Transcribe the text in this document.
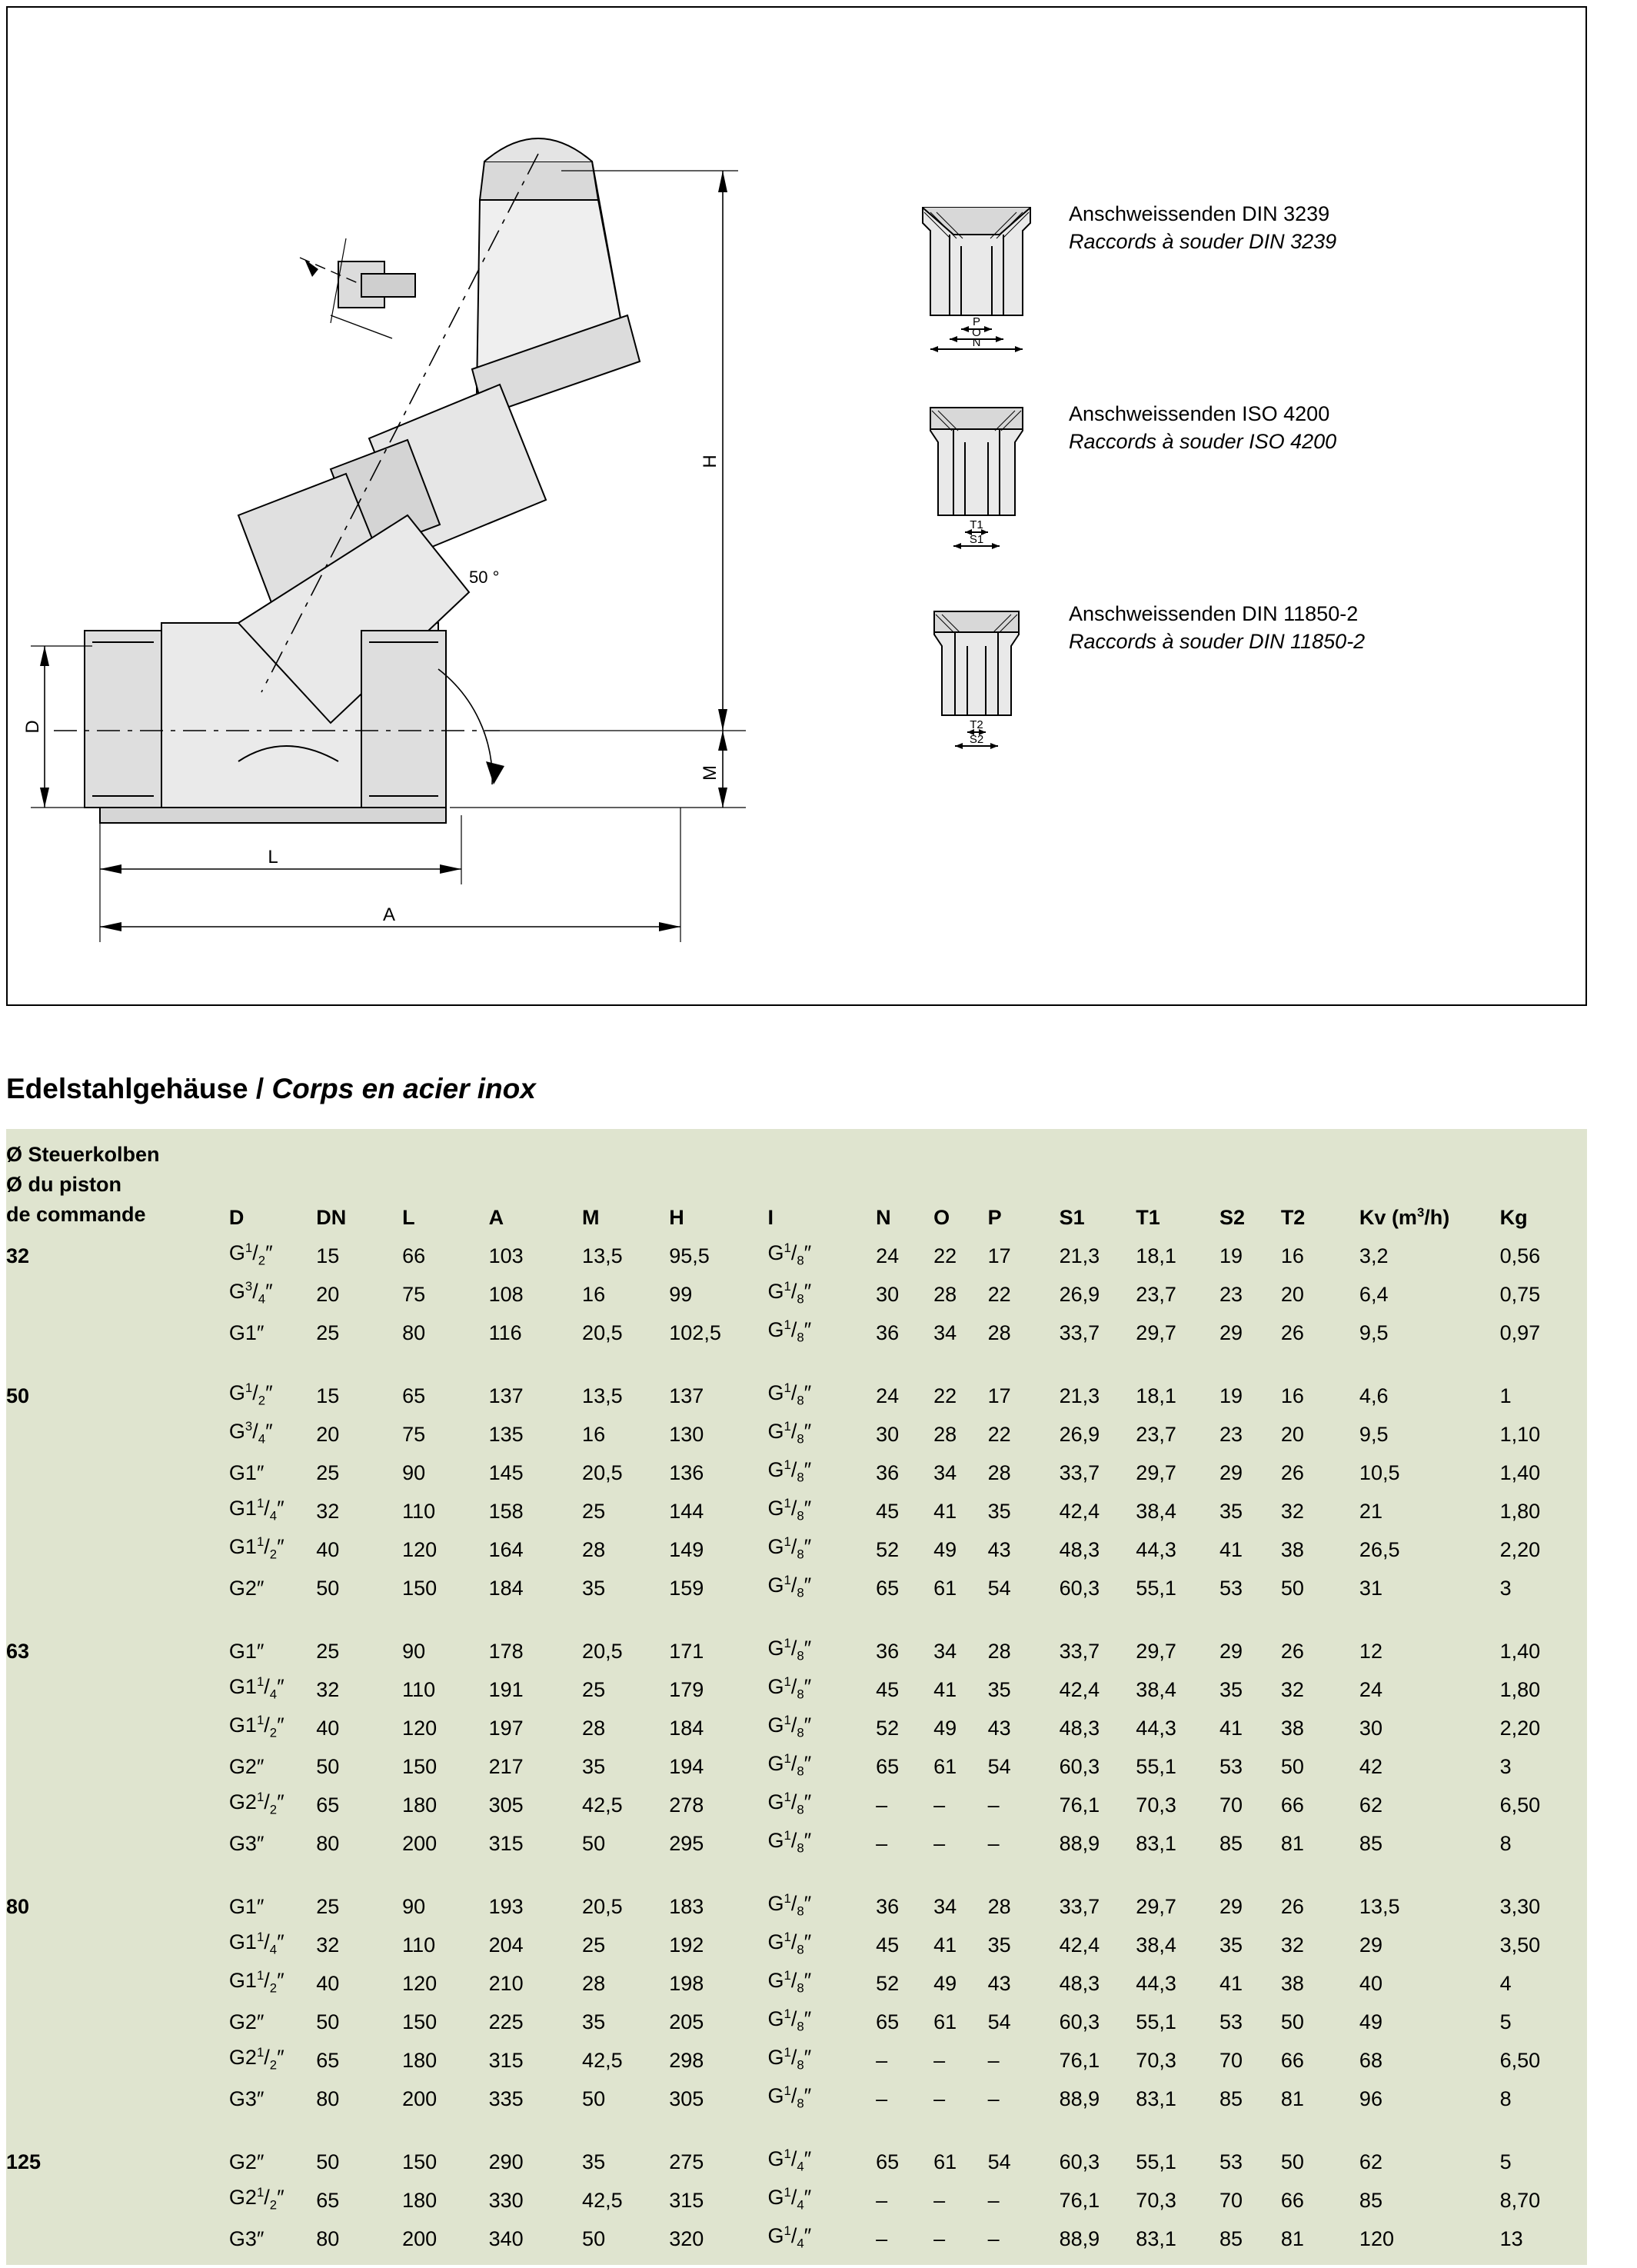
50 °
H
M
D
L
A
P
O
N
Anschweissenden DIN 3239
Raccords à souder DIN 3239
T1
S1
Anschweissenden ISO 4200
Raccords à souder ISO 4200
T2
S2
Anschweissenden DIN 11850-2
Raccords à souder DIN 11850-2
Edelstahlgehäuse / Corps en acier inox
Ø Steuerkolben
Ø du piston
de commande	D	DN	L	A	M	H	I	N	O	P	S1	T1	S2	T2	Kv $(m^3/h)$	Kg
32	$G^1/_2''$	15	66	103	13,5	95,5	$G^1/_8''$	24	22	17	21,3	18,1	19	16	3,2	0,56
	$G^3/_4''$	20	75	108	16	99	$G^1/_8''$	30	28	22	26,9	23,7	23	20	6,4	0,75
	G1″	25	80	116	20,5	102,5	$G^1/_8''$	36	34	28	33,7	29,7	29	26	9,5	0,97

50	$G^1/_2''$	15	65	137	13,5	137	$G^1/_8''$	24	22	17	21,3	18,1	19	16	4,6	1
	$G^3/_4''$	20	75	135	16	130	$G^1/_8''$	30	28	22	26,9	23,7	23	20	9,5	1,10
	G1″	25	90	145	20,5	136	$G^1/_8''$	36	34	28	33,7	29,7	29	26	10,5	1,40
	$G1^1/_4''$	32	110	158	25	144	$G^1/_8''$	45	41	35	42,4	38,4	35	32	21	1,80
	$G1^1/_2''$	40	120	164	28	149	$G^1/_8''$	52	49	43	48,3	44,3	41	38	26,5	2,20
	G2″	50	150	184	35	159	$G^1/_8''$	65	61	54	60,3	55,1	53	50	31	3

63	G1″	25	90	178	20,5	171	$G^1/_8''$	36	34	28	33,7	29,7	29	26	12	1,40
	$G1^1/_4''$	32	110	191	25	179	$G^1/_8''$	45	41	35	42,4	38,4	35	32	24	1,80
	$G1^1/_2''$	40	120	197	28	184	$G^1/_8''$	52	49	43	48,3	44,3	41	38	30	2,20
	G2″	50	150	217	35	194	$G^1/_8''$	65	61	54	60,3	55,1	53	50	42	3
	$G2^1/_2''$	65	180	305	42,5	278	$G^1/_8''$	–	–	–	76,1	70,3	70	66	62	6,50
	G3″	80	200	315	50	295	$G^1/_8''$	–	–	–	88,9	83,1	85	81	85	8

80	G1″	25	90	193	20,5	183	$G^1/_8''$	36	34	28	33,7	29,7	29	26	13,5	3,30
	$G1^1/_4''$	32	110	204	25	192	$G^1/_8''$	45	41	35	42,4	38,4	35	32	29	3,50
	$G1^1/_2''$	40	120	210	28	198	$G^1/_8''$	52	49	43	48,3	44,3	41	38	40	4
	G2″	50	150	225	35	205	$G^1/_8''$	65	61	54	60,3	55,1	53	50	49	5
	$G2^1/_2''$	65	180	315	42,5	298	$G^1/_8''$	–	–	–	76,1	70,3	70	66	68	6,50
	G3″	80	200	335	50	305	$G^1/_8''$	–	–	–	88,9	83,1	85	81	96	8

125	G2″	50	150	290	35	275	$G^1/_4''$	65	61	54	60,3	55,1	53	50	62	5
	$G2^1/_2''$	65	180	330	42,5	315	$G^1/_4''$	–	–	–	76,1	70,3	70	66	85	8,70
	G3″	80	200	340	50	320	$G^1/_4''$	–	–	–	88,9	83,1	85	81	120	13
